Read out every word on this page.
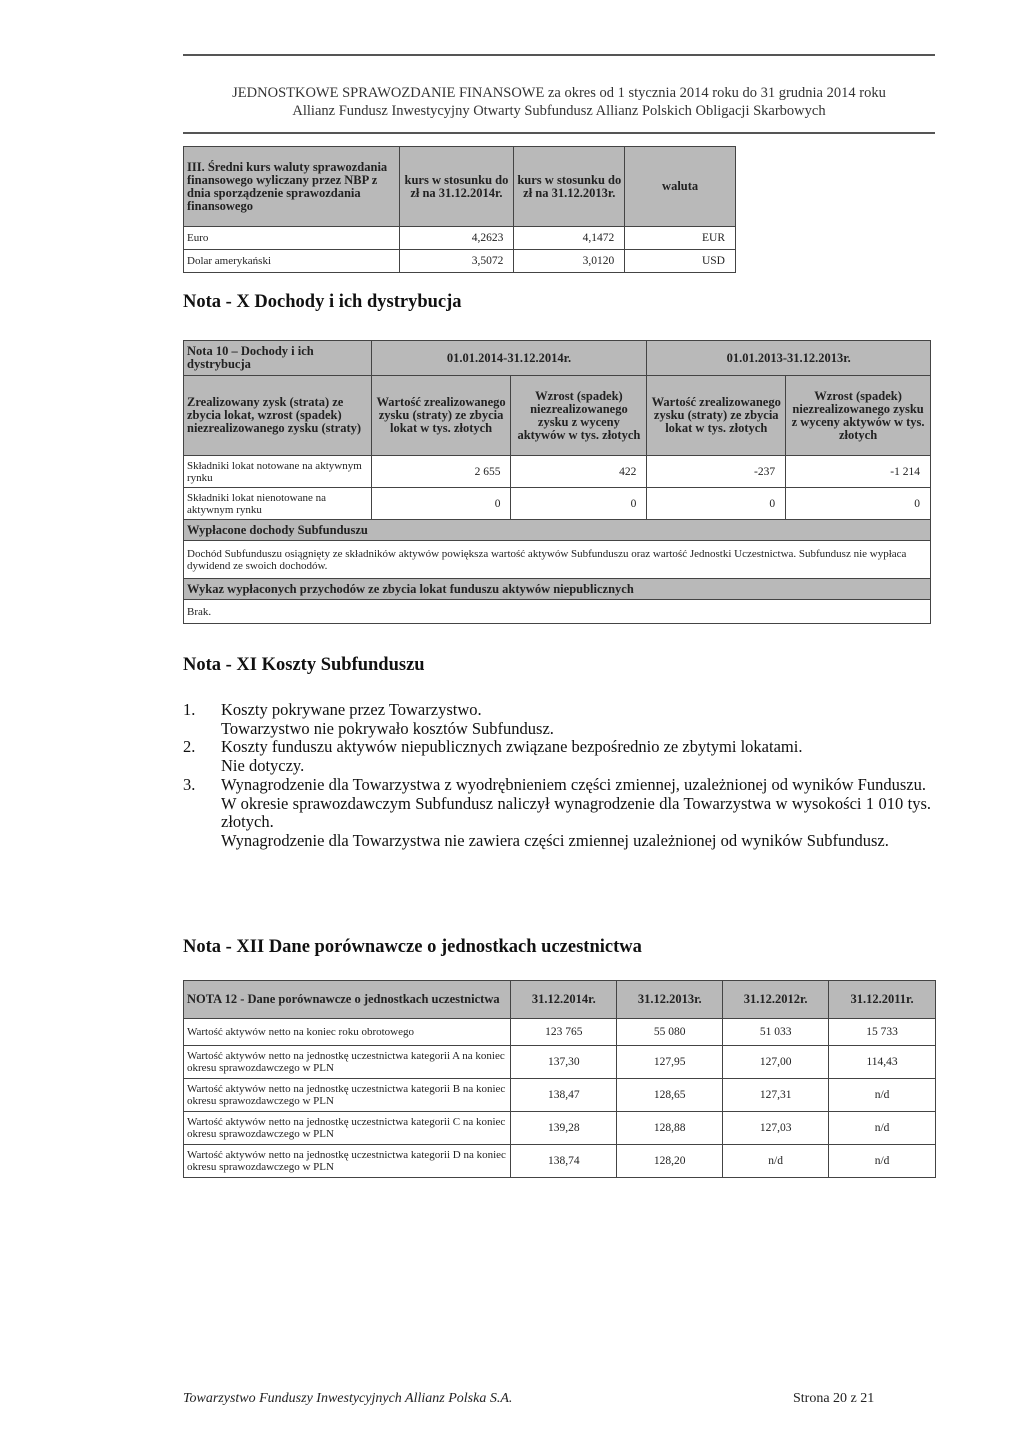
JEDNOSTKOWE SPRAWOZDANIE FINANSOWE za okres od 1 stycznia 2014 roku do 31 grudnia 2014 roku
Allianz Fundusz Inwestycyjny Otwarty Subfundusz Allianz Polskich Obligacji Skarbowych
III. Średni kurs waluty sprawozdania finansowego wyliczany przez NBP z dnia sporządzenie sprawozdania finansowego	kurs w stosunku do zł na 31.12.2014r.	kurs w stosunku do zł na 31.12.2013r.	waluta
Euro	4,2623	4,1472	EUR
Dolar amerykański	3,5072	3,0120	USD
Nota - X Dochody i ich dystrybucja
Nota 10 – Dochody i ich dystrybucja	01.01.2014-31.12.2014r.		01.01.2013-31.12.2013r.	
Zrealizowany zysk (strata) ze zbycia lokat, wzrost (spadek) niezrealizowanego zysku (straty)	Wartość zrealizowanego zysku (straty) ze zbycia lokat w tys. złotych	Wzrost (spadek) niezrealizowanego zysku z wyceny aktywów w tys. złotych	Wartość zrealizowanego zysku (straty) ze zbycia lokat w tys. złotych	Wzrost (spadek) niezrealizowanego zysku z wyceny aktywów w tys. złotych
Składniki lokat notowane na aktywnym rynku	2 655	422	-237	-1 214
Składniki lokat nienotowane na aktywnym rynku	0	0	0	0
Wypłacone dochody Subfunduszu				
Dochód Subfunduszu osiągnięty ze składników aktywów powiększa wartość aktywów Subfunduszu oraz wartość Jednostki Uczestnictwa. Subfundusz nie wypłaca dywidend ze swoich dochodów.				
Wykaz wypłaconych przychodów ze zbycia lokat funduszu aktywów niepublicznych				
Brak.				
Nota - XI Koszty Subfunduszu
1.	Koszty pokrywane przez Towarzystwo.
Towarzystwo nie pokrywało kosztów Subfundusz.
2.	Koszty funduszu aktywów niepublicznych związane bezpośrednio ze zbytymi lokatami.
Nie dotyczy.
3.	Wynagrodzenie dla Towarzystwa z wyodrębnieniem części zmiennej, uzależnionej od wyników Funduszu.
W okresie sprawozdawczym Subfundusz naliczył wynagrodzenie dla Towarzystwa w wysokości 1 010 tys. złotych.
Wynagrodzenie dla Towarzystwa nie zawiera części zmiennej uzależnionej od wyników Subfundusz.
Nota - XII Dane porównawcze o jednostkach uczestnictwa
NOTA 12 - Dane porównawcze o jednostkach uczestnictwa	31.12.2014r.	31.12.2013r.	31.12.2012r.	31.12.2011r.
Wartość aktywów netto na koniec roku obrotowego	123 765	55 080	51 033	15 733
Wartość aktywów netto na jednostkę uczestnictwa kategorii A na koniec okresu sprawozdawczego w PLN	137,30	127,95	127,00	114,43
Wartość aktywów netto na jednostkę uczestnictwa kategorii B na koniec okresu sprawozdawczego w PLN	138,47	128,65	127,31	n/d
Wartość aktywów netto na jednostkę uczestnictwa kategorii C na koniec okresu sprawozdawczego w PLN	139,28	128,88	127,03	n/d
Wartość aktywów netto na jednostkę uczestnictwa kategorii D na koniec okresu sprawozdawczego w PLN	138,74	128,20	n/d	n/d
Towarzystwo Funduszy Inwestycyjnych Allianz Polska S.A.	Strona 20 z 21
